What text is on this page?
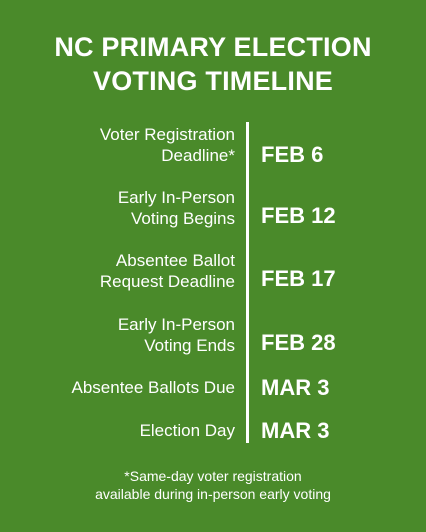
NC PRIMARY ELECTION
VOTING TIMELINE
Voter Registration
Deadline* FEB 6
Early In-Person
Voting Begins FEB 12
Absentee Ballot
Request Deadline FEB 17
Early In-Person
Voting Ends FEB 28
Absentee Ballots Due MAR 3
Election Day MAR 3
*Same-day voter registration
available during in-person early voting
